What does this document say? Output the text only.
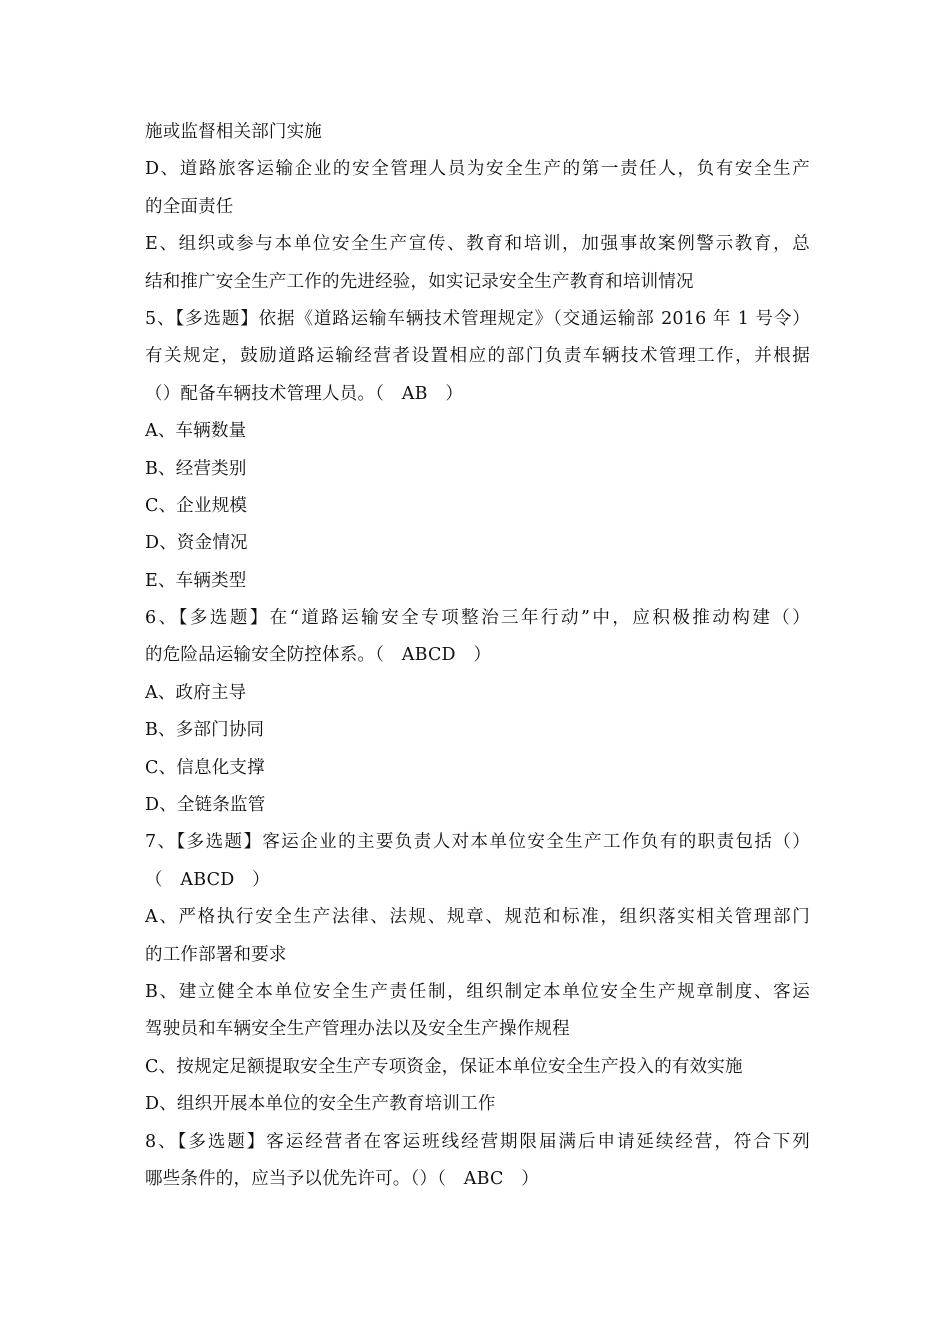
施或监督相关部门实施
D、道路旅客运输企业的安全管理人员为安全生产的第一责任人，负有安全生产
的全面责任
E、组织或参与本单位安全生产宣传、教育和培训，加强事故案例警示教育，总
结和推广安全生产工作的先进经验，如实记录安全生产教育和培训情况
5、【多选题】依据《道路运输车辆技术管理规定》（交通运输部 2016 年 1 号令）
有关规定，鼓励道路运输经营者设置相应的部门负责车辆技术管理工作，并根据
（）配备车辆技术管理人员。（　AB　）
A、车辆数量
B、经营类别
C、企业规模
D、资金情况
E、车辆类型
6、【多选题】在“道路运输安全专项整治三年行动”中，应积极推动构建（）
的危险品运输安全防控体系。（　ABCD　）
A、政府主导
B、多部门协同
C、信息化支撑
D、全链条监管
7、【多选题】客运企业的主要负责人对本单位安全生产工作负有的职责包括（）
（　ABCD　）
A、严格执行安全生产法律、法规、规章、规范和标准，组织落实相关管理部门
的工作部署和要求
B、建立健全本单位安全生产责任制，组织制定本单位安全生产规章制度、客运
驾驶员和车辆安全生产管理办法以及安全生产操作规程
C、按规定足额提取安全生产专项资金，保证本单位安全生产投入的有效实施
D、组织开展本单位的安全生产教育培训工作
8、【多选题】客运经营者在客运班线经营期限届满后申请延续经营，符合下列
哪些条件的，应当予以优先许可。（）（　ABC　）
